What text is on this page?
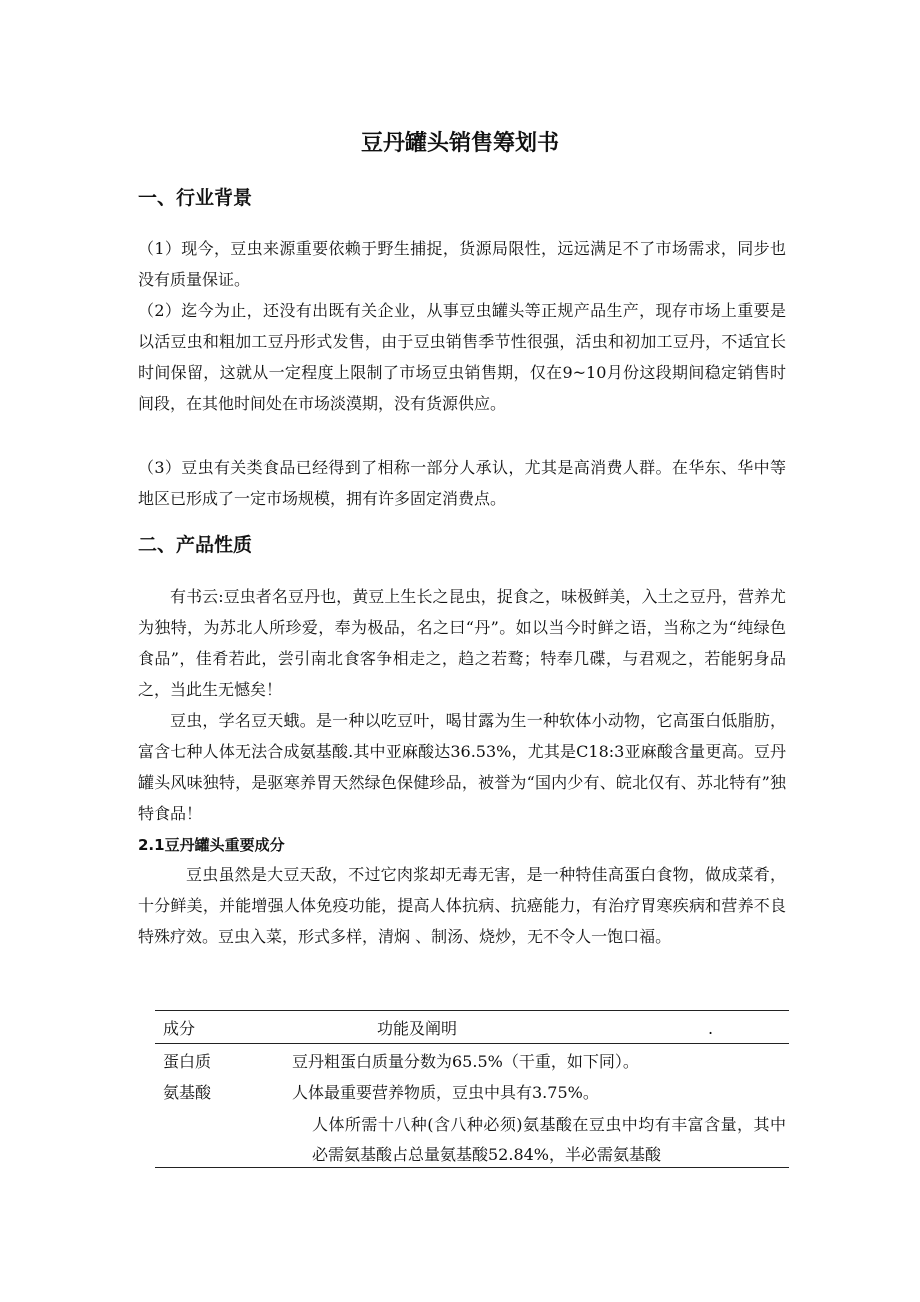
豆丹罐头销售筹划书
一、行业背景

（1）现今，豆虫来源重要依赖于野生捕捉，货源局限性，远远满足不了市场需求，同步也没有质量保证。

（2）迄今为止，还没有出既有关企业，从事豆虫罐头等正规产品生产，现存市场上重要是以活豆虫和粗加工豆丹形式发售，由于豆虫销售季节性很强，活虫和初加工豆丹，不适宜长时间保留，这就从一定程度上限制了市场豆虫销售期，仅在9~10月份这段期间稳定销售时间段，在其他时间处在市场淡漠期，没有货源供应。

（3）豆虫有关类食品已经得到了相称一部分人承认，尤其是高消费人群。在华东、华中等地区已形成了一定市场规模，拥有许多固定消费点。

二、产品性质

有书云:豆虫者名豆丹也，黄豆上生长之昆虫，捉食之，味极鲜美，入土之豆丹，营养尤为独特，为苏北人所珍爱，奉为极品，名之曰“丹”。如以当今时鲜之语，当称之为“纯绿色食品”，佳肴若此，尝引南北食客争相走之，趋之若鹜；特奉几碟，与君观之，若能躬身品之，当此生无憾矣！

豆虫，学名豆天蛾。是一种以吃豆叶，喝甘露为生一种软体小动物，它高蛋白低脂肪，富含七种人体无法合成氨基酸.其中亚麻酸达36.53%，尤其是C18:3亚麻酸含量更高。豆丹罐头风味独特，是驱寒养胃天然绿色保健珍品，被誉为“国内少有、皖北仅有、苏北特有”独特食品！

2.1豆丹罐头重要成分

豆虫虽然是大豆天敌，不过它肉浆却无毒无害，是一种特佳高蛋白食物，做成菜肴，十分鲜美，并能增强人体免疫功能，提高人体抗病、抗癌能力，有治疗胃寒疾病和营养不良特殊疗效。豆虫入菜，形式多样，清焖 、制汤、烧炒，无不令人一饱口福。

成分	功能及阐明	.
蛋白质	豆丹粗蛋白质量分数为65.5%（干重，如下同）。
氨基酸	人体最重要营养物质，豆虫中具有3.75%。
人体所需十八种(含八种必须)氨基酸在豆虫中均有丰富含量，其中必需氨基酸占总量氨基酸52.84%，半必需氨基酸
